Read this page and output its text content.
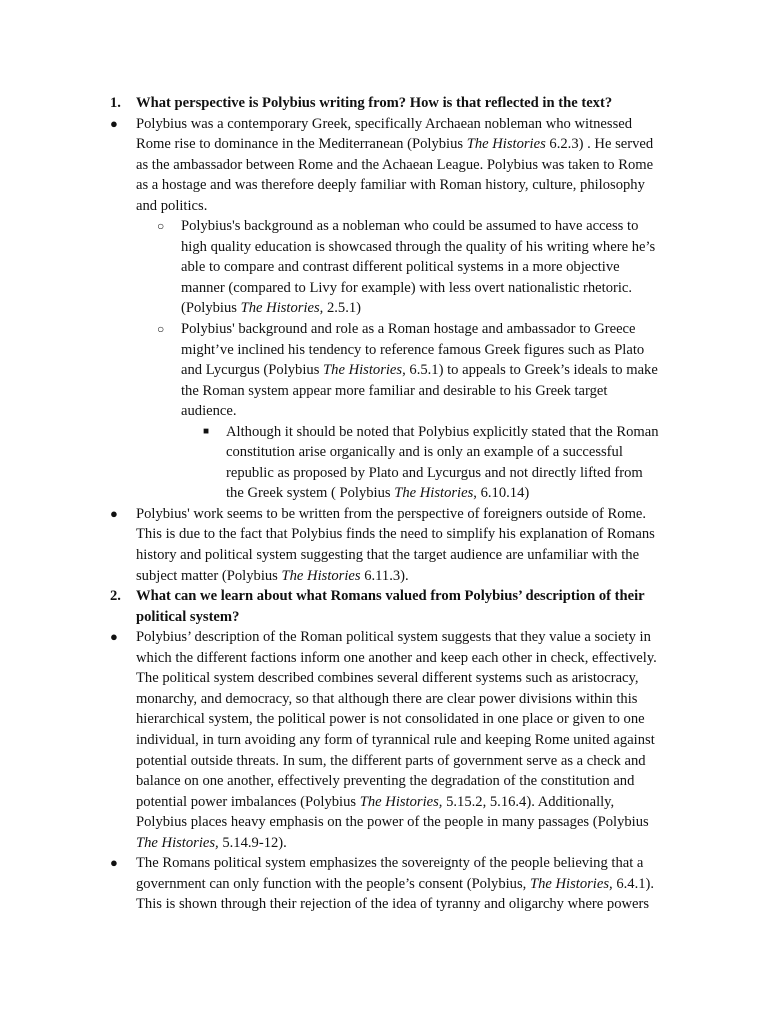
1. What perspective is Polybius writing from? How is that reflected in the text?
● Polybius was a contemporary Greek, specifically Archaean nobleman who witnessed
Rome rise to dominance in the Mediterranean (Polybius The Histories 6.2.3) . He served
as the ambassador between Rome and the Achaean League. Polybius was taken to Rome
as a hostage and was therefore deeply familiar with Roman history, culture, philosophy
and politics.
○ Polybius's background as a nobleman who could be assumed to have access to
high quality education is showcased through the quality of his writing where he’s
able to compare and contrast different political systems in a more objective
manner (compared to Livy for example) with less overt nationalistic rhetoric.
(Polybius The Histories, 2.5.1)
○ Polybius' background and role as a Roman hostage and ambassador to Greece
might’ve inclined his tendency to reference famous Greek figures such as Plato
and Lycurgus (Polybius The Histories, 6.5.1) to appeals to Greek’s ideals to make
the Roman system appear more familiar and desirable to his Greek target
audience.
■ Although it should be noted that Polybius explicitly stated that the Roman
constitution arise organically and is only an example of a successful
republic as proposed by Plato and Lycurgus and not directly lifted from
the Greek system ( Polybius The Histories, 6.10.14)
● Polybius' work seems to be written from the perspective of foreigners outside of Rome.
This is due to the fact that Polybius finds the need to simplify his explanation of Romans
history and political system suggesting that the target audience are unfamiliar with the
subject matter (Polybius The Histories 6.11.3).
2. What can we learn about what Romans valued from Polybius’ description of their
political system?
● Polybius’ description of the Roman political system suggests that they value a society in
which the different factions inform one another and keep each other in check, effectively.
The political system described combines several different systems such as aristocracy,
monarchy, and democracy, so that although there are clear power divisions within this
hierarchical system, the political power is not consolidated in one place or given to one
individual, in turn avoiding any form of tyrannical rule and keeping Rome united against
potential outside threats. In sum, the different parts of government serve as a check and
balance on one another, effectively preventing the degradation of the constitution and
potential power imbalances (Polybius The Histories, 5.15.2, 5.16.4). Additionally,
Polybius places heavy emphasis on the power of the people in many passages (Polybius
The Histories, 5.14.9-12).
● The Romans political system emphasizes the sovereignty of the people believing that a
government can only function with the people’s consent (Polybius, The Histories, 6.4.1).
This is shown through their rejection of the idea of tyranny and oligarchy where powers
